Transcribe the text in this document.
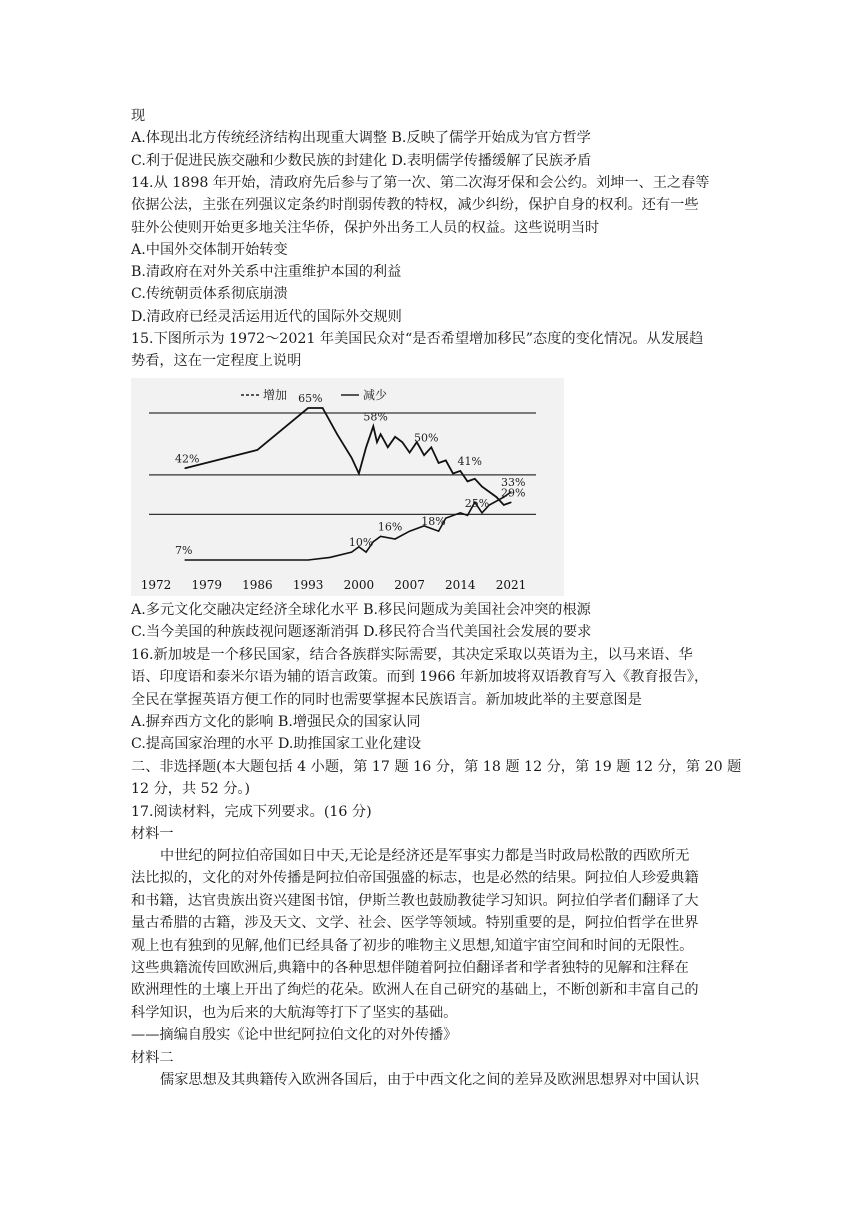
现
A.体现出北方传统经济结构出现重大调整 B.反映了儒学开始成为官方哲学
C.利于促进民族交融和少数民族的封建化 D.表明儒学传播缓解了民族矛盾
14.从 1898 年开始，清政府先后参与了第一次、第二次海牙保和会公约。刘坤一、王之春等
依据公法，主张在列强议定条约时削弱传教的特权，减少纠纷，保护自身的权利。还有一些
驻外公使则开始更多地关注华侨，保护外出务工人员的权益。这些说明当时
A.中国外交体制开始转变
B.清政府在对外关系中注重维护本国的利益
C.传统朝贡体系彻底崩溃
D.清政府已经灵活运用近代的国际外交规则
15.下图所示为 1972～2021 年美国民众对“是否希望增加移民”态度的变化情况。从发展趋
势看，这在一定程度上说明
增加	减少
7%
10%
16% 18%
25%
33%
42%
65%
58%
50%
41%
29%
1972 1979 1986 1993 2000 2007 2014 2021
A.多元文化交融决定经济全球化水平 B.移民问题成为美国社会冲突的根源
C.当今美国的种族歧视问题逐渐消弭 D.移民符合当代美国社会发展的要求
16.新加坡是一个移民国家，结合各族群实际需要，其决定采取以英语为主，以马来语、华
语、印度语和泰米尔语为辅的语言政策。而到 1966 年新加坡将双语教育写入《教育报告》，
全民在掌握英语方便工作的同时也需要掌握本民族语言。新加坡此举的主要意图是
A.摒弃西方文化的影响 B.增强民众的国家认同
C.提高国家治理的水平 D.助推国家工业化建设
二、非选择题(本大题包括 4 小题，第 17 题 16 分，第 18 题 12 分，第 19 题 12 分，第 20 题
12 分，共 52 分。)
17.阅读材料，完成下列要求。(16 分)
材料一
中世纪的阿拉伯帝国如日中天,无论是经济还是军事实力都是当时政局松散的西欧所无
法比拟的，文化的对外传播是阿拉伯帝国强盛的标志，也是必然的结果。阿拉伯人珍爱典籍
和书籍，达官贵族出资兴建图书馆，伊斯兰教也鼓励教徒学习知识。阿拉伯学者们翻译了大
量古希腊的古籍，涉及天文、文学、社会、医学等领域。特别重要的是，阿拉伯哲学在世界
观上也有独到的见解,他们已经具备了初步的唯物主义思想,知道宇宙空间和时间的无限性。
这些典籍流传回欧洲后,典籍中的各种思想伴随着阿拉伯翻译者和学者独特的见解和注释在
欧洲理性的土壤上开出了绚烂的花朵。欧洲人在自己研究的基础上，不断创新和丰富自己的
科学知识，也为后来的大航海等打下了坚实的基础。
——摘编自殷实《论中世纪阿拉伯文化的对外传播》
材料二
儒家思想及其典籍传入欧洲各国后，由于中西文化之间的差异及欧洲思想界对中国认识
